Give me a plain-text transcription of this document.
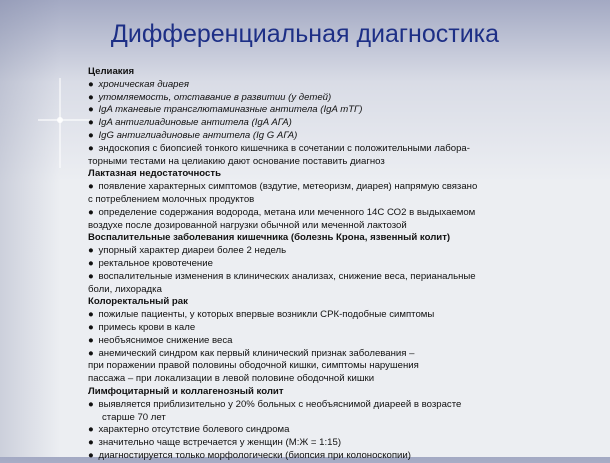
Дифференциальная диагностика
Целиакия
● хроническая диарея
● утомляемость, отставание в развитии (у детей)
● IgA тканевые трансглютаминазные антитела (IgA тТГ)
● IgA антиглиадиновые антитела (IgA АГА)
● IgG антиглиадиновые антитела (Ig G АГА)
● эндоскопия с биопсией тонкого кишечника в сочетании с положительными лабора-
торными тестами на целиакию дают основание поставить диагноз
Лактазная недостаточность
● появление характерных симптомов (вздутие, метеоризм, диарея) напрямую связано
с потреблением молочных продуктов
● определение содержания водорода, метана или меченного 14С СО2 в выдыхаемом
воздухе после дозированной нагрузки обычной или меченной лактозой
Воспалительные заболевания кишечника (болезнь Крона, язвенный колит)
● упорный характер диареи более 2 недель
● ректальное кровотечение
● воспалительные изменения в клинических анализах, снижение веса, перианальные
боли, лихорадка
Колоректальный рак
● пожилые пациенты, у которых впервые возникли СРК-подобные симптомы
● примесь крови в кале
● необъяснимое снижение веса
● анемический синдром как первый клинический признак заболевания –
при поражении правой половины ободочной кишки, симптомы нарушения
пассажа – при локализации в левой половине ободочной кишки
Лимфоцитарный и коллагенозный колит
● выявляется приблизительно у 20% больных с необъяснимой диареей в возрасте
старше 70 лет
● характерно отсутствие болевого синдрома
● значительно чаще встречается у женщин (М:Ж = 1:15)
● диагностируется только морфологически (биопсия при колоноскопии)
